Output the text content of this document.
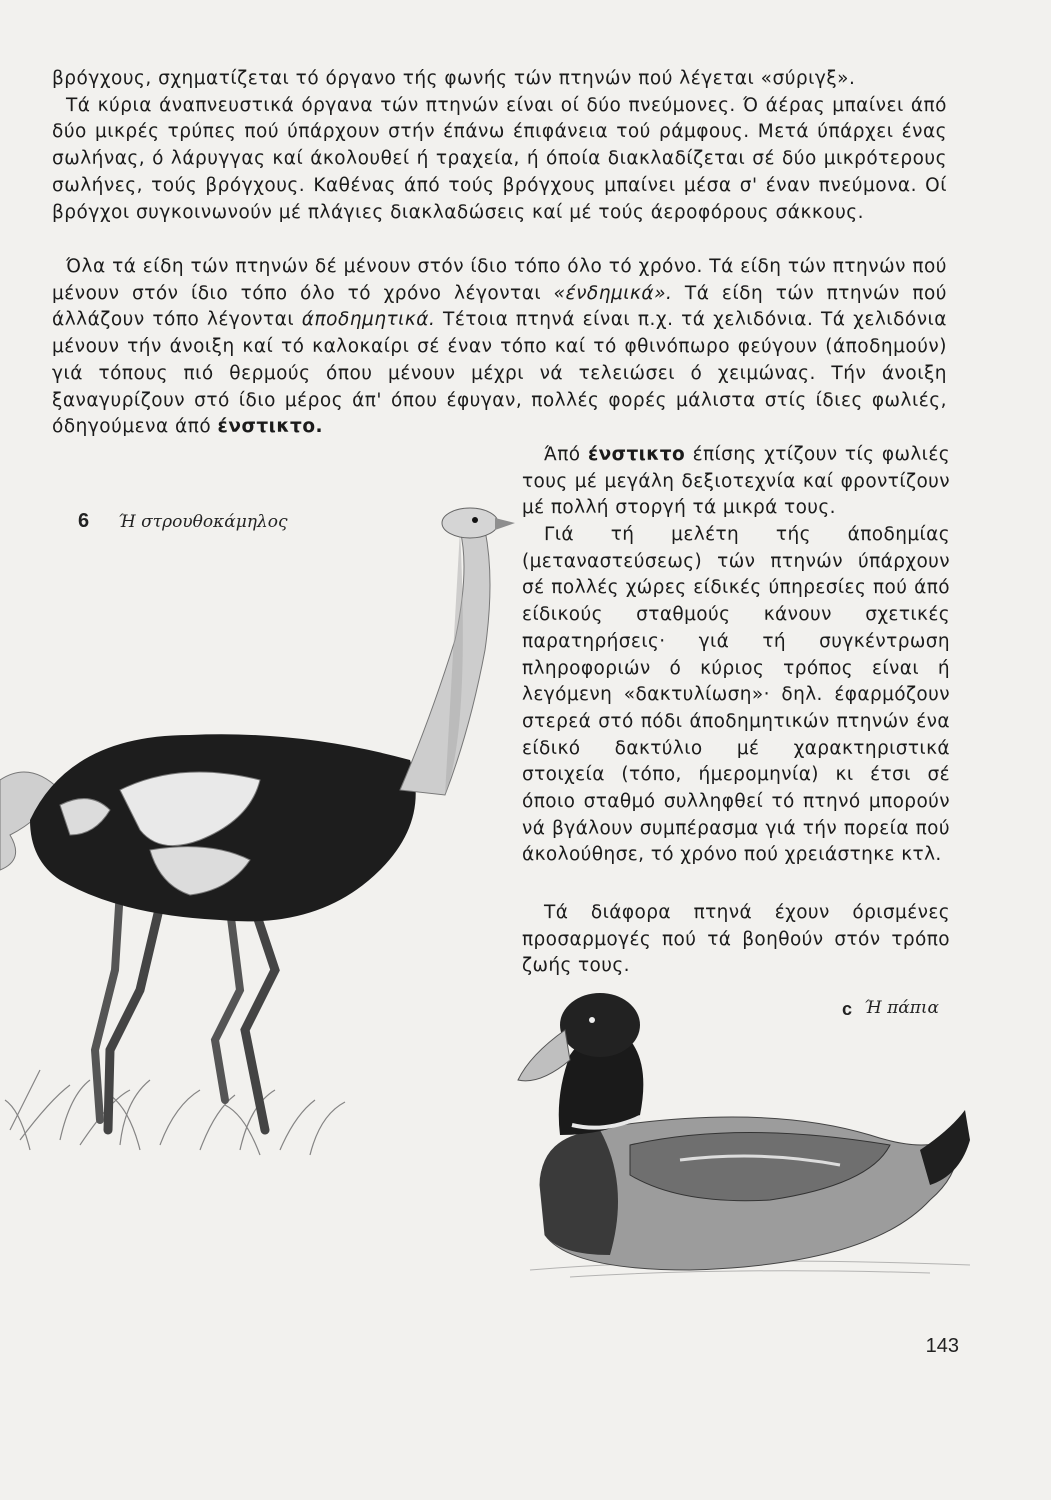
βρόγχους, σχηματίζεται τό όργανο τής φωνής τών πτηνών πού λέγεται «σύριγξ».
Τά κύρια άναπνευστικά όργανα τών πτηνών είναι οί δύο πνεύμονες. Ό άέρας μπαίνει άπό δύο μικρές τρύπες πού ύπάρχουν στήν έπάνω έπιφάνεια τού ράμφους. Μετά ύπάρχει ένας σωλήνας, ό λάρυγγας καί άκολουθεί ή τραχεία, ή όποία διακλαδίζεται σέ δύο μικρότερους σωλήνες, τούς βρόγχους. Καθένας άπό τούς βρόγχους μπαίνει μέσα σ' έναν πνεύμονα. Οί βρόγχοι συγκοινωνούν μέ πλάγιες διακλαδώσεις καί μέ τούς άεροφόρους σάκκους.

Όλα τά είδη τών πτηνών δέ μένουν στόν ίδιο τόπο όλο τό χρόνο. Τά είδη τών πτηνών πού μένουν στόν ίδιο τόπο όλο τό χρόνο λέγονται «ένδημικά». Τά είδη τών πτηνών πού άλλάζουν τόπο λέγονται άποδημητικά. Τέτοια πτηνά είναι π.χ. τά χελιδόνια. Τά χελιδόνια μένουν τήν άνοιξη καί τό καλοκαίρι σέ έναν τόπο καί τό φθινόπωρο φεύγουν (άποδημούν) γιά τόπους πιό θερμούς όπου μένουν μέχρι νά τελειώσει ό χειμώνας. Τήν άνοιξη ξαναγυρίζουν στό ίδιο μέρος άπ' όπου έφυγαν, πολλές φορές μάλιστα στίς ίδιες φωλιές, όδηγούμενα άπό ένστικτο.

Άπό ένστικτο έπίσης χτίζουν τίς φωλιές τους μέ μεγάλη δεξιοτεχνία καί φροντίζουν μέ πολλή στοργή τά μικρά τους.

Γιά τή μελέτη τής άποδημίας (μεταναστεύσεως) τών πτηνών ύπάρχουν σέ πολλές χώρες είδικές ύπηρεσίες πού άπό είδικούς σταθμούς κάνουν σχετικές παρατηρήσεις· γιά τή συγκέντρωση πληροφοριών ό κύριος τρόπος είναι ή λεγόμενη «δακτυλίωση»· δηλ. έφαρμόζουν στερεά στό πόδι άποδημητικών πτηνών ένα είδικό δακτύλιο μέ χαρακτηριστικά στοιχεία (τόπο, ήμερομηνία) κι έτσι σέ όποιο σταθμό συλληφθεί τό πτηνό μπορούν νά βγάλουν συμπέρασμα γιά τήν πορεία πού άκολούθησε, τό χρόνο πού χρειάστηκε κτλ.

Τά διάφορα πτηνά έχουν όρισμένες προσαρμογές πού τά βοηθούν στόν τρόπο ζωής τους.

6 Ή στρουθοκάμηλος
c Ή πάπια
143
